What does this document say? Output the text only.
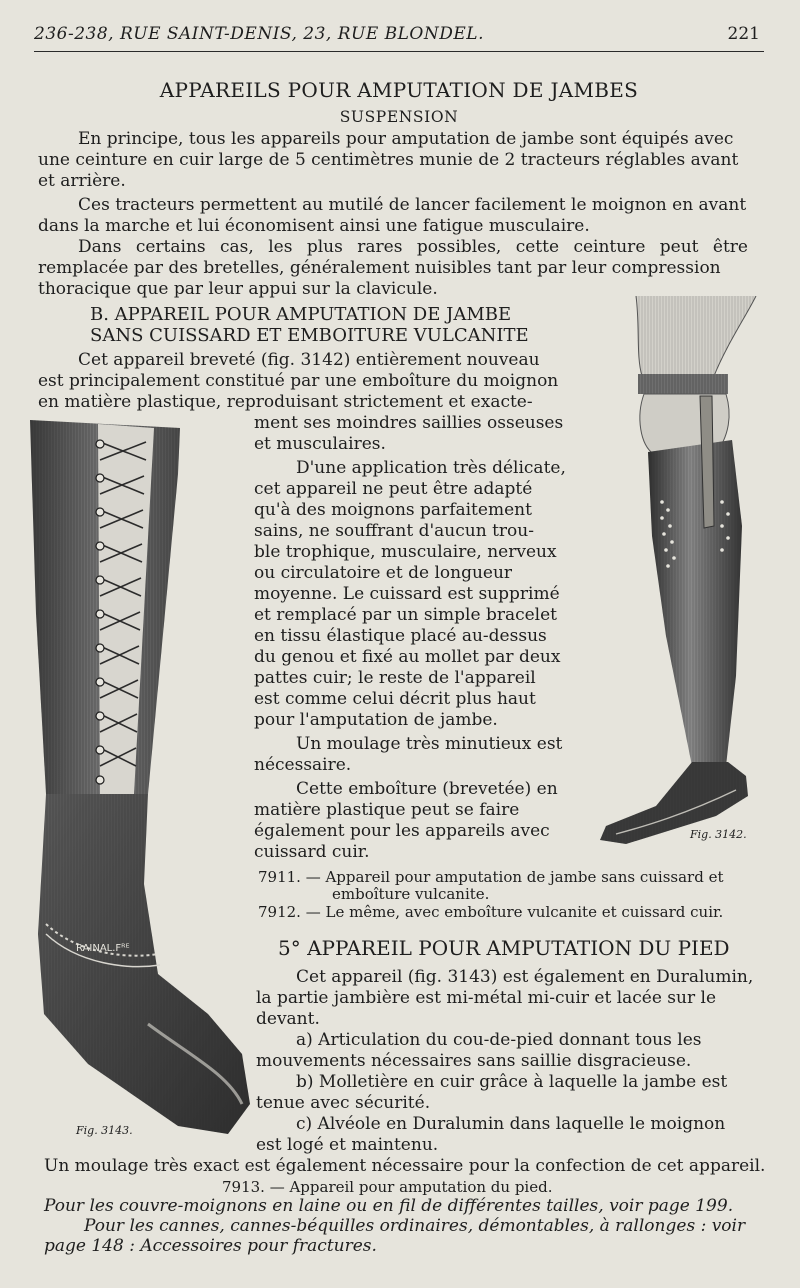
236-238, RUE SAINT-DENIS, 23, RUE BLONDEL.	221
APPAREILS POUR AMPUTATION DE JAMBES
SUSPENSION
En principe, tous les appareils pour amputation de jambe sont équipés avec
une ceinture en cuir large de 5 centimètres munie de 2 tracteurs réglables avant
et arrière.
Ces tracteurs permettent au mutilé de lancer facilement le moignon en avant
dans la marche et lui économisent ainsi une fatigue musculaire.
Dans certains cas, les plus rares possibles, cette ceinture peut être
remplacée par des bretelles, généralement nuisibles tant par leur compression
thoracique que par leur appui sur la clavicule.
B. APPAREIL POUR AMPUTATION DE JAMBE
SANS CUISSARD ET EMBOITURE VULCANITE
Cet appareil breveté (fig. 3142) entièrement nouveau
est principalement constitué par une emboîture du moignon
en matière plastique, reproduisant strictement et exacte-
ment ses moindres saillies osseuses
et musculaires.
D'une application très délicate,
cet appareil ne peut être adapté
qu'à des moignons parfaitement
sains, ne souffrant d'aucun trou-
ble trophique, musculaire, nerveux
ou circulatoire et de longueur
moyenne. Le cuissard est supprimé
et remplacé par un simple bracelet
en tissu élastique placé au-dessus
du genou et fixé au mollet par deux
pattes cuir; le reste de l'appareil
est comme celui décrit plus haut
pour l'amputation de jambe.
Un moulage très minutieux est
nécessaire.
Cette emboîture (brevetée) en
matière plastique peut se faire
également pour les appareils avec
cuissard cuir.
7911. — Appareil pour amputation de jambe sans cuissard et
emboîture vulcanite.
7912. — Le même, avec emboîture vulcanite et cuissard cuir.
Fig. 3142.
5° APPAREIL POUR AMPUTATION DU PIED
Cet appareil (fig. 3143) est également en Duralumin,
la partie jambière est mi-métal mi-cuir et lacée sur le
devant.
a) Articulation du cou-de-pied donnant tous les
mouvements nécessaires sans saillie disgracieuse.
b) Molletière en cuir grâce à laquelle la jambe est
tenue avec sécurité.
c) Alvéole en Duralumin dans laquelle le moignon
est logé et maintenu.
Un moulage très exact est également nécessaire pour la confection de cet appareil.
7913. — Appareil pour amputation du pied.
Fig. 3143.
Pour les couvre-moignons en laine ou en fil de différentes tailles, voir page 199.
Pour les cannes, cannes-béquilles ordinaires, démontables, à rallonges : voir
page 148 : Accessoires pour fractures.
RAINAL.Fᴿᴱ
